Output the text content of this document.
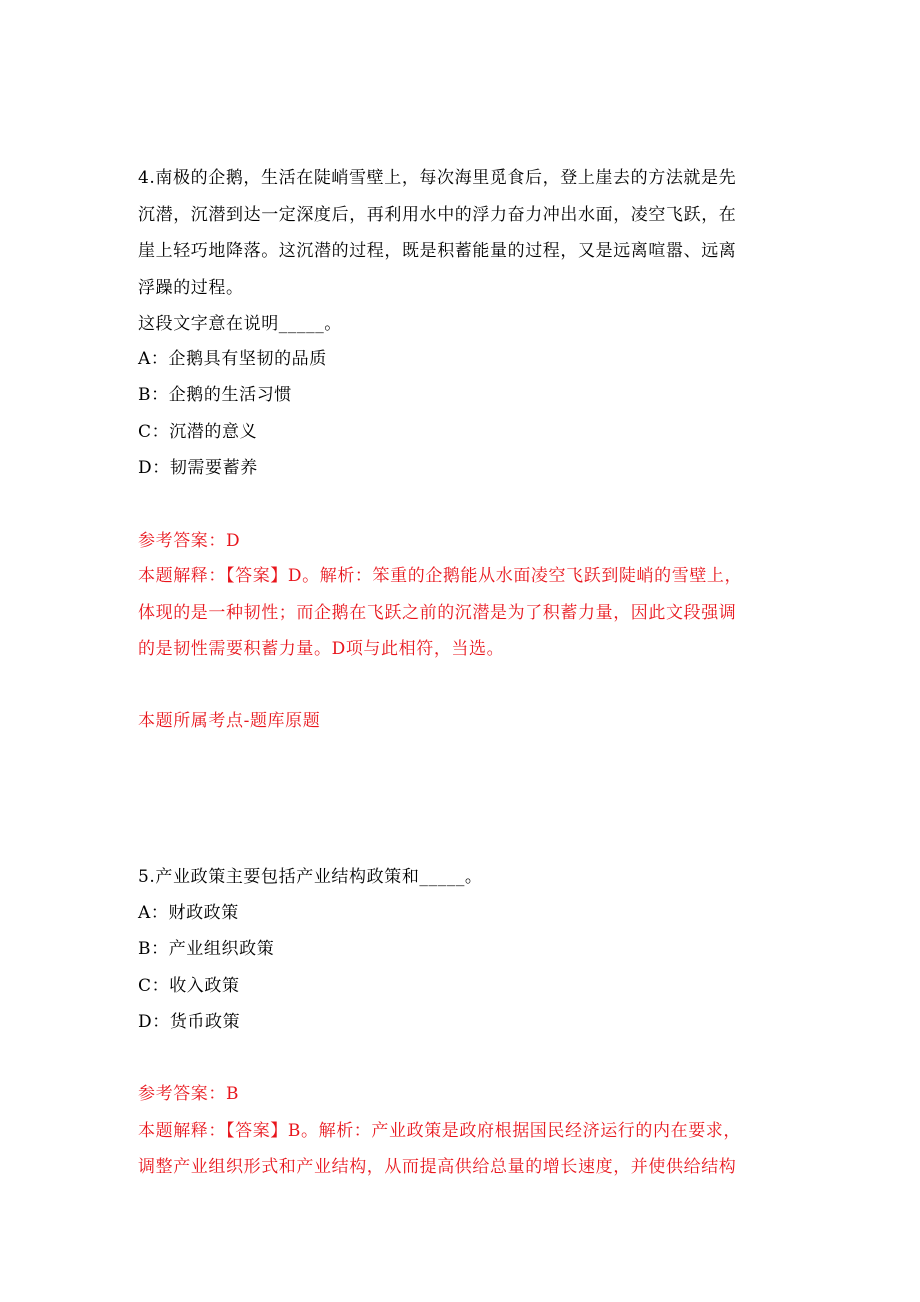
4.南极的企鹅，生活在陡峭雪壁上，每次海里觅食后，登上崖去的方法就是先
沉潜，沉潜到达一定深度后，再利用水中的浮力奋力冲出水面，凌空飞跃，在
崖上轻巧地降落。这沉潜的过程，既是积蓄能量的过程，又是远离喧嚣、远离
浮躁的过程。
这段文字意在说明_____。
A：企鹅具有坚韧的品质
B：企鹅的生活习惯
C：沉潜的意义
D：韧需要蓄养
参考答案：D
本题解释：【答案】D。解析：笨重的企鹅能从水面凌空飞跃到陡峭的雪壁上，
体现的是一种韧性；而企鹅在飞跃之前的沉潜是为了积蓄力量，因此文段强调
的是韧性需要积蓄力量。D项与此相符，当选。
本题所属考点-题库原题
5.产业政策主要包括产业结构政策和_____。
A：财政政策
B：产业组织政策
C：收入政策
D：货币政策
参考答案：B
本题解释：【答案】B。解析：产业政策是政府根据国民经济运行的内在要求，
调整产业组织形式和产业结构，从而提高供给总量的增长速度，并使供给结构
